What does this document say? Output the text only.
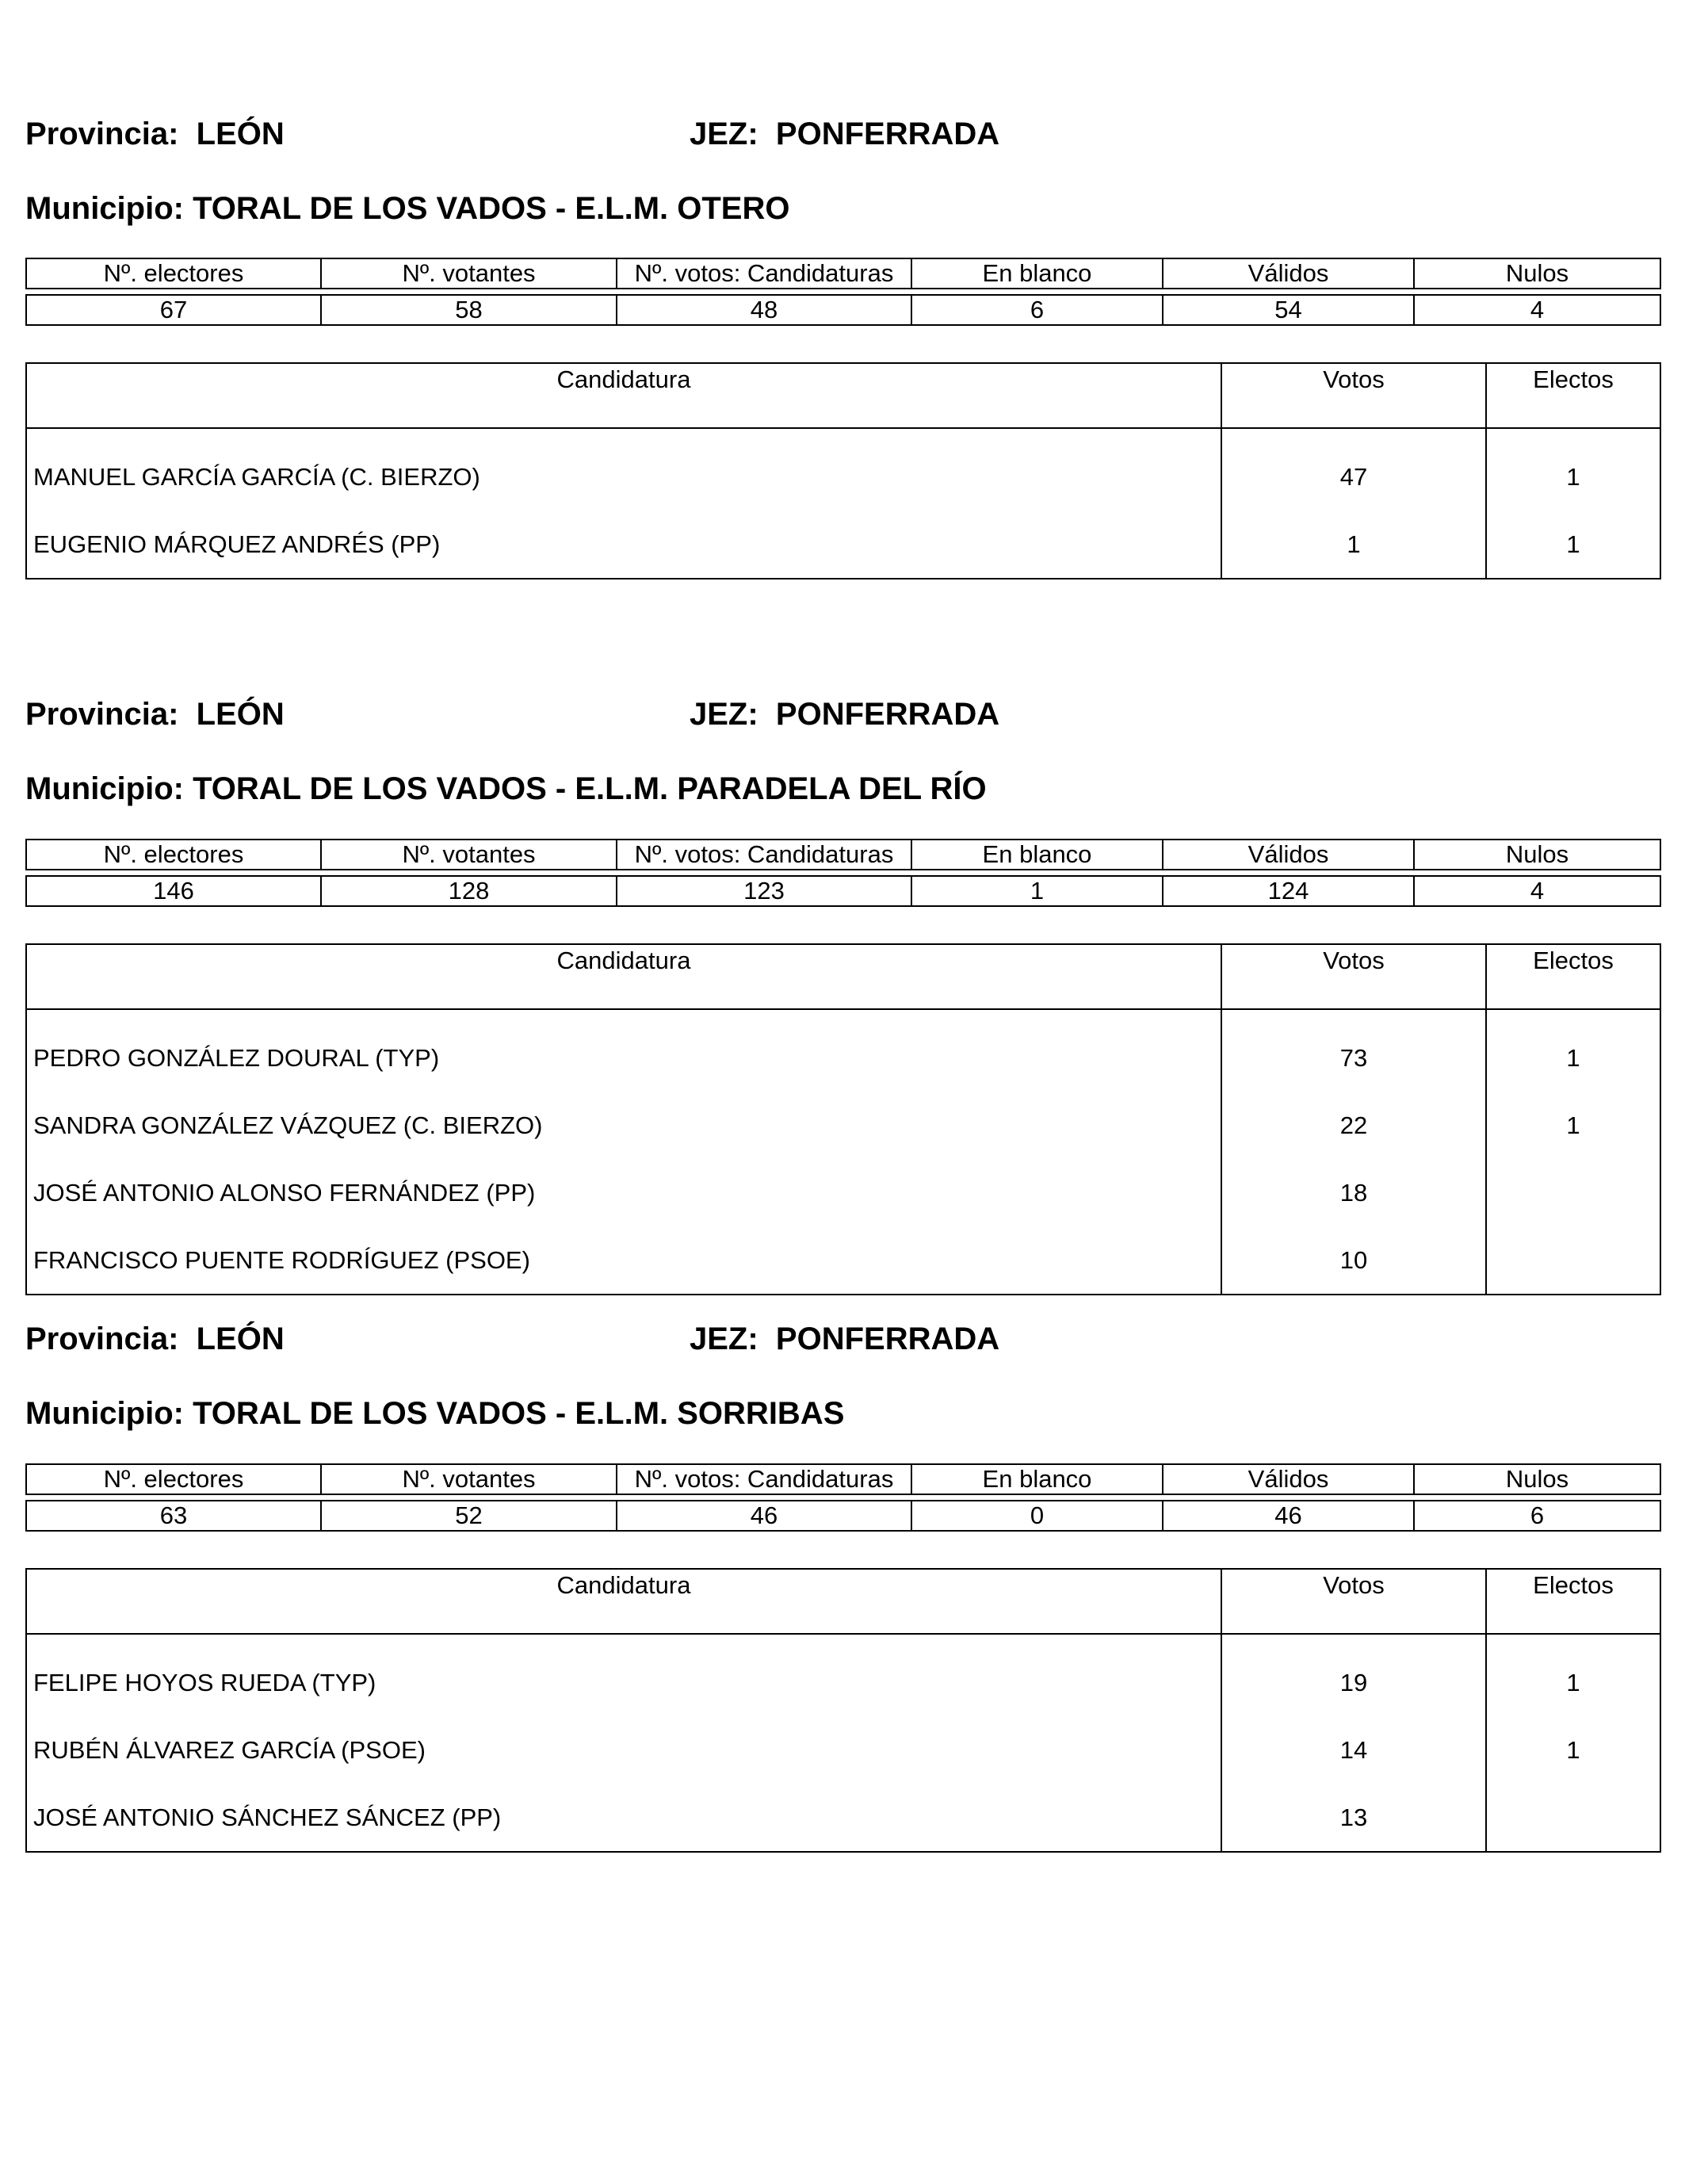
Provincia: LEÓN	JEZ: PONFERRADA
Municipio: TORAL DE LOS VADOS - E.L.M. OTERO
Nº. electores	Nº. votantes	Nº. votos: Candidaturas	En blanco	Válidos	Nulos

67	58	48	6	54	4
Candidatura	Votos	Electos
MANUEL GARCÍA GARCÍA (C. BIERZO)	47	1
EUGENIO MÁRQUEZ ANDRÉS (PP)	1	1
Provincia: LEÓN	JEZ: PONFERRADA
Municipio: TORAL DE LOS VADOS - E.L.M. PARADELA DEL RÍO
Nº. electores	Nº. votantes	Nº. votos: Candidaturas	En blanco	Válidos	Nulos

146	128	123	1	124	4
Candidatura	Votos	Electos
PEDRO GONZÁLEZ DOURAL (TYP)	73	1
SANDRA GONZÁLEZ VÁZQUEZ (C. BIERZO)	22	1
JOSÉ ANTONIO ALONSO FERNÁNDEZ (PP)	18	
FRANCISCO PUENTE RODRÍGUEZ (PSOE)	10	
Provincia: LEÓN	JEZ: PONFERRADA
Municipio: TORAL DE LOS VADOS - E.L.M. SORRIBAS
Nº. electores	Nº. votantes	Nº. votos: Candidaturas	En blanco	Válidos	Nulos

63	52	46	0	46	6
Candidatura	Votos	Electos
FELIPE HOYOS RUEDA (TYP)	19	1
RUBÉN ÁLVAREZ GARCÍA (PSOE)	14	1
JOSÉ ANTONIO SÁNCHEZ SÁNCEZ (PP)	13	
